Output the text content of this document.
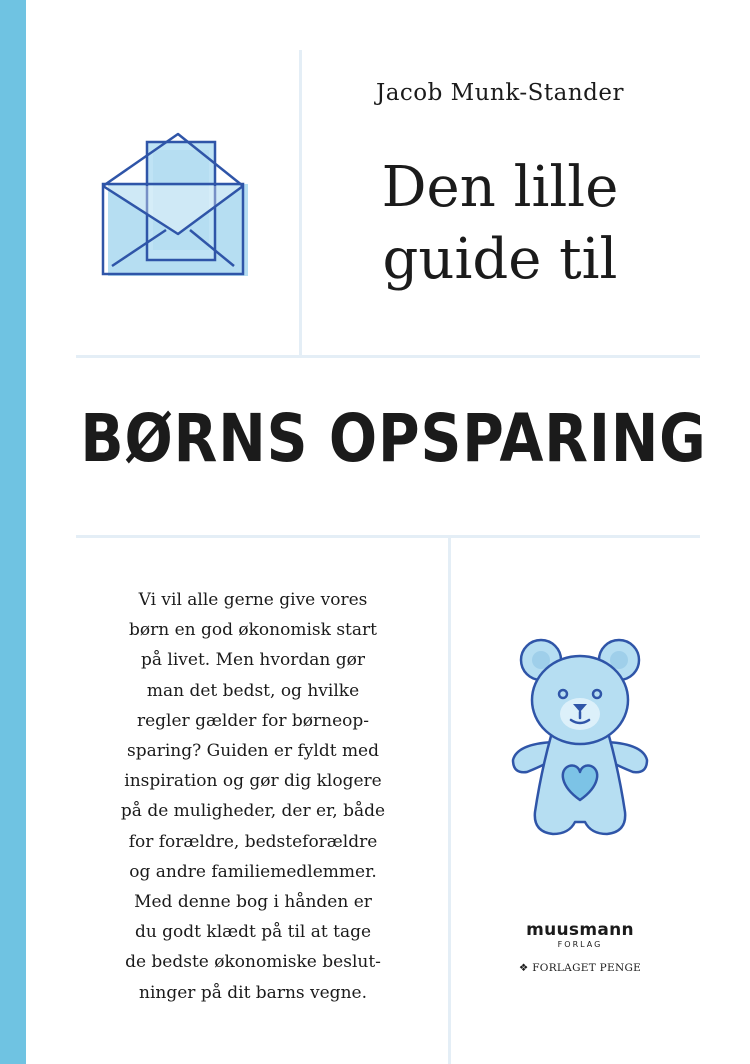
Jacob Munk-Stander
Den lille
guide til
BØRNS OPSPARING
Vi vil alle gerne give vores
børn en god økonomisk start
på livet. Men hvordan gør
man det bedst, og hvilke
regler gælder for børneop-
sparing? Guiden er fyldt med
inspiration og gør dig klogere
på de muligheder, der er, både
for forældre, bedsteforældre
og andre familiemedlemmer.
Med denne bog i hånden er
du godt klædt på til at tage
de bedste økonomiske beslut-
ninger på dit barns vegne.
muusmann
FORLAG
❖ FORLAGET PENGE
